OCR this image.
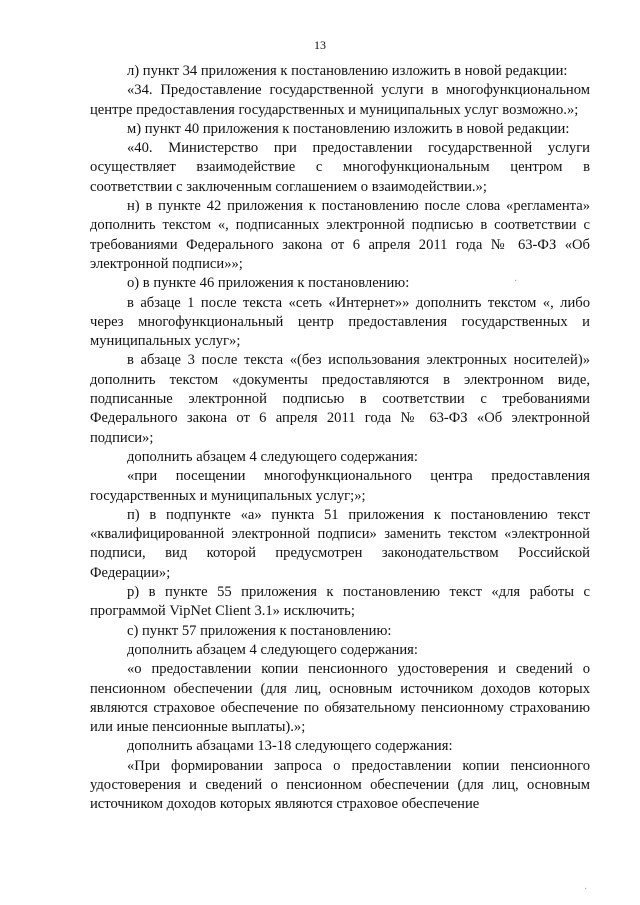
13

л) пункт 34 приложения к постановлению изложить в новой редакции:

«34. Предоставление государственной услуги в многофункциональном центре предоставления государственных и муниципальных услуг возможно.»;

м) пункт 40 приложения к постановлению изложить в новой редакции:

«40. Министерство при предоставлении государственной услуги осуществляет взаимодействие с многофункциональным центром в соответствии с заключенным соглашением о взаимодействии.»;

н) в пункте 42 приложения к постановлению после слова «регламента» дополнить текстом «, подписанных электронной подписью в соответствии с требованиями Федерального закона от 6 апреля 2011 года № 63-ФЗ «Об электронной подписи»»;

о) в пункте 46 приложения к постановлению:

в абзаце 1 после текста «сеть «Интернет»» дополнить текстом «, либо через многофункциональный центр предоставления государственных и муниципальных услуг»;

в абзаце 3 после текста «(без использования электронных носителей)» дополнить текстом «документы предоставляются в электронном виде, подписанные электронной подписью в соответствии с требованиями Федерального закона от 6 апреля 2011 года № 63-ФЗ «Об электронной подписи»;

дополнить абзацем 4 следующего содержания:

«при посещении многофункционального центра предоставления государственных и муниципальных услуг;»;

п) в подпункте «а» пункта 51 приложения к постановлению текст «квалифицированной электронной подписи» заменить текстом «электронной подписи, вид которой предусмотрен законодательством Российской Федерации»;

р) в пункте 55 приложения к постановлению текст «для работы с программой VipNet Client 3.1» исключить;

с) пункт 57 приложения к постановлению:

дополнить абзацем 4 следующего содержания:

«о предоставлении копии пенсионного удостоверения и сведений о пенсионном обеспечении (для лиц, основным источником доходов которых являются страховое обеспечение по обязательному пенсионному страхованию или иные пенсионные выплаты).»;

дополнить абзацами 13-18 следующего содержания:

«При формировании запроса о предоставлении копии пенсионного удостоверения и сведений о пенсионном обеспечении (для лиц, основным источником доходов которых являются страховое обеспечение

·
·
